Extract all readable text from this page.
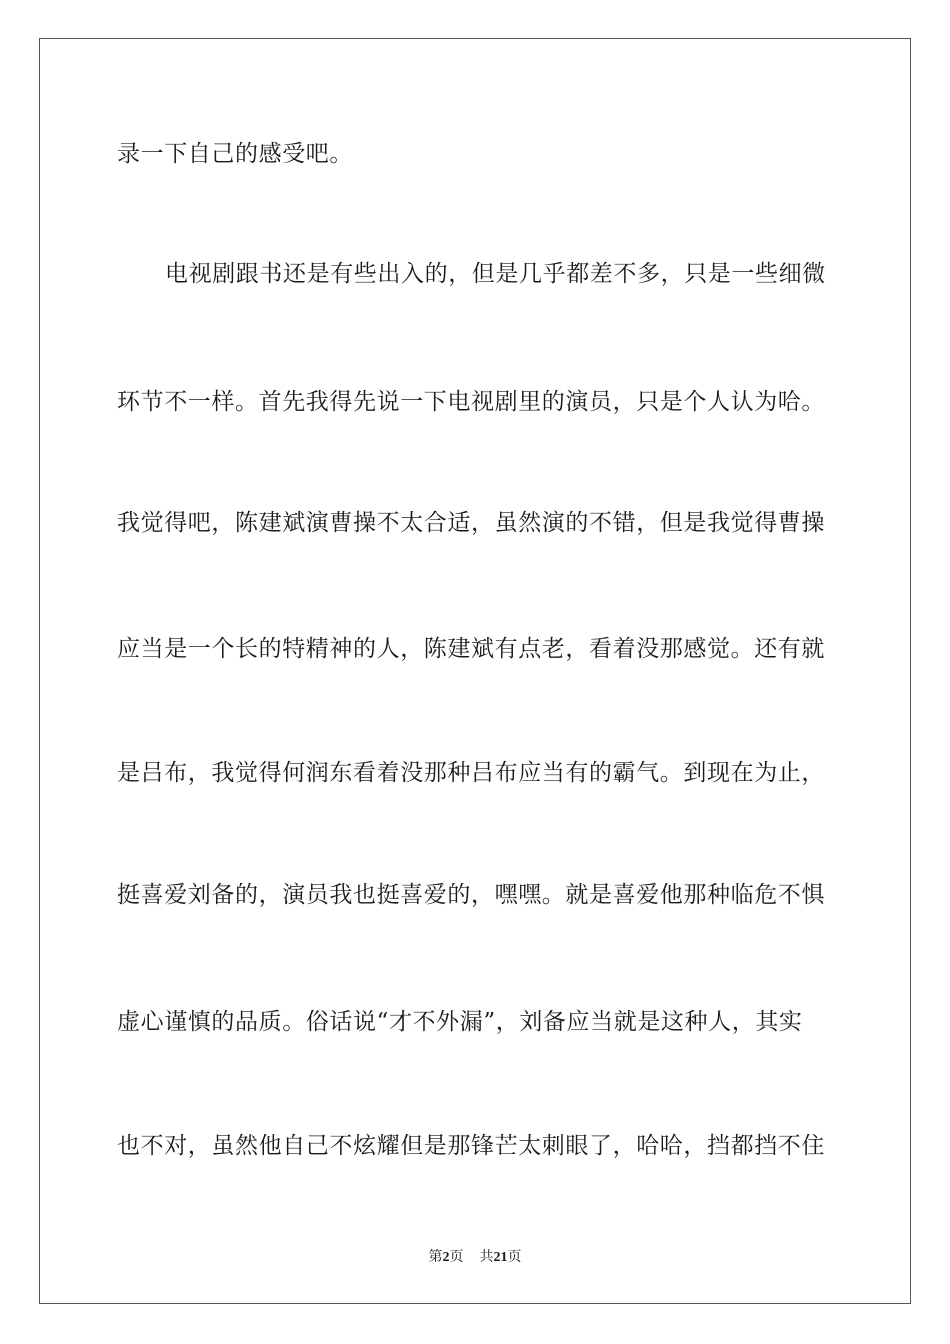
录一下自己的感受吧。
电视剧跟书还是有些出入的，但是几乎都差不多，只是一些细微
环节不一样。首先我得先说一下电视剧里的演员，只是个人认为哈。
我觉得吧，陈建斌演曹操不太合适，虽然演的不错，但是我觉得曹操
应当是一个长的特精神的人，陈建斌有点老，看着没那感觉。还有就
是吕布，我觉得何润东看着没那种吕布应当有的霸气。到现在为止，
挺喜爱刘备的，演员我也挺喜爱的，嘿嘿。就是喜爱他那种临危不惧
虚心谨慎的品质。俗话说“才不外漏”，刘备应当就是这种人，其实
也不对，虽然他自己不炫耀但是那锋芒太刺眼了，哈哈，挡都挡不住
第2页 共21页
